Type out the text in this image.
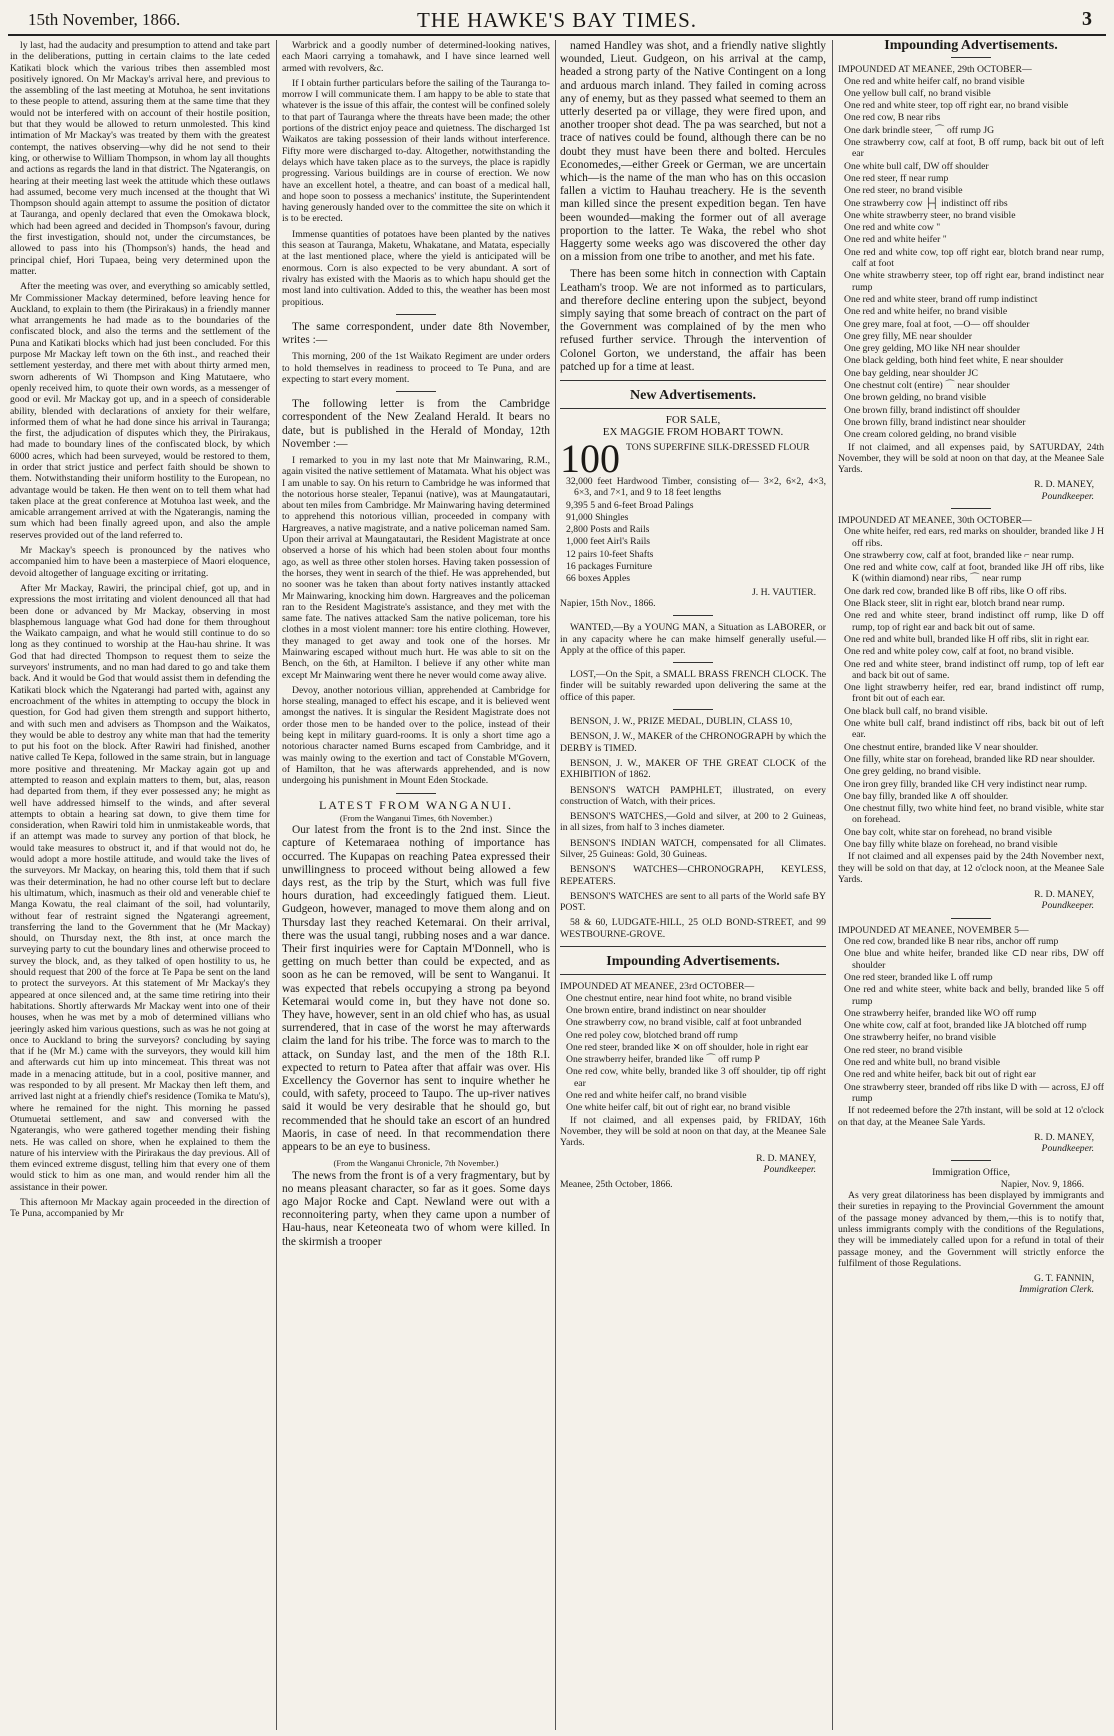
15th November, 1866.	THE HAWKE'S BAY TIMES.	3

ly last, had the audacity and presumption to attend and take part in the deliberations, putting in certain claims to the late ceded Katikati block which the various tribes then assembled most positively ignored. On Mr Mackay's arrival here, and previous to the assembling of the last meeting at Motuhoa, he sent invitations to these people to attend, assuring them at the same time that they would not be interfered with on account of their hostile position, but that they would be allowed to return unmolested. This kind intimation of Mr Mackay's was treated by them with the greatest contempt, the natives observing—why did he not send to their king, or otherwise to William Thompson, in whom lay all thoughts and actions as regards the land in that district. The Ngaterangis, on hearing at their meeting last week the attitude which these outlaws had assumed, become very much incensed at the thought that Wi Thompson should again attempt to assume the position of dictator at Tauranga, and openly declared that even the Omokawa block, which had been agreed and decided in Thompson's favour, during the first investigation, should not, under the circumstances, be allowed to pass into his (Thompson's) hands, the head and principal chief, Hori Tupaea, being very determined upon the matter.

After the meeting was over, and everything so amicably settled, Mr Commissioner Mackay determined, before leaving hence for Auckland, to explain to them (the Pirirakaus) in a friendly manner what arrangements he had made as to the boundaries of the confiscated block, and also the terms and the settlement of the Puna and Katikati blocks which had just been concluded. For this purpose Mr Mackay left town on the 6th inst., and reached their settlement yesterday, and there met with about thirty armed men, sworn adherents of Wi Thompson and King Matutaere, who openly received him, to quote their own words, as a messenger of good or evil. Mr Mackay got up, and in a speech of considerable ability, blended with declarations of anxiety for their welfare, informed them of what he had done since his arrival in Tauranga; the first, the adjudication of disputes which they, the Pirirakaus, had made to boundary lines of the confiscated block, by which 6000 acres, which had been surveyed, would be restored to them, in order that strict justice and perfect faith should be shown to them. Notwithstanding their uniform hostility to the European, no advantage would be taken. He then went on to tell them what had taken place at the great conference at Motuhoa last week, and the amicable arrangement arrived at with the Ngaterangis, naming the sum which had been finally agreed upon, and also the ample reserves provided out of the land referred to.

Mr Mackay's speech is pronounced by the natives who accompanied him to have been a masterpiece of Maori eloquence, devoid altogether of language exciting or irritating.

After Mr Mackay, Rawiri, the principal chief, got up, and in expressions the most irritating and violent denounced all that had been done or advanced by Mr Mackay, observing in most blasphemous language what God had done for them throughout the Waikato campaign, and what he would still continue to do so long as they continued to worship at the Hau-hau shrine. It was God that had directed Thompson to request them to seize the surveyors' instruments, and no man had dared to go and take them back. And it would be God that would assist them in defending the Katikati block which the Ngaterangi had parted with, against any encroachment of the whites in attempting to occupy the block in question, for God had given them strength and support hitherto, and with such men and advisers as Thompson and the Waikatos, they would be able to destroy any white man that had the temerity to put his foot on the block. After Rawiri had finished, another native called Te Kepa, followed in the same strain, but in language more positive and threatening. Mr Mackay again got up and attempted to reason and explain matters to them, but, alas, reason had departed from them, if they ever possessed any; he might as well have addressed himself to the winds, and after several attempts to obtain a hearing sat down, to give them time for consideration, when Rawiri told him in unmistakeable words, that if an attempt was made to survey any portion of that block, he would take measures to obstruct it, and if that would not do, he would adopt a more hostile attitude, and would take the lives of the surveyors. Mr Mackay, on hearing this, told them that if such was their determination, he had no other course left but to declare his ultimatum, which, inasmuch as their old and venerable chief te Manga Kowatu, the real claimant of the soil, had voluntarily, without fear of restraint signed the Ngaterangi agreement, transferring the land to the Government that he (Mr Mackay) should, on Thursday next, the 8th inst, at once march the surveying party to cut the boundary lines and otherwise proceed to survey the block, and, as they talked of open hostility to us, he should request that 200 of the force at Te Papa be sent on the land to protect the surveyors. At this statement of Mr Mackay's they appeared at once silenced and, at the same time retiring into their habitations. Shortly afterwards Mr Mackay went into one of their houses, when he was met by a mob of determined villians who jeeringly asked him various questions, such as was he not going at once to Auckland to bring the surveyors? concluding by saying that if he (Mr M.) came with the surveyors, they would kill him and afterwards cut him up into mincemeat. This threat was not made in a menacing attitude, but in a cool, positive manner, and was responded to by all present. Mr Mackay then left them, and arrived last night at a friendly chief's residence (Tomika te Matu's), where he remained for the night. This morning he passed Otumuetai settlement, and saw and conversed with the Ngaterangis, who were gathered together mending their fishing nets. He was called on shore, when he explained to them the nature of his interview with the Pirirakaus the day previous. All of them evinced extreme disgust, telling him that every one of them would stick to him as one man, and would render him all the assistance in their power.

This afternoon Mr Mackay again proceeded in the direction of Te Puna, accompanied by Mr

Warbrick and a goodly number of determined-looking natives, each Maori carrying a tomahawk, and I have since learned well armed with revolvers, &c.

If I obtain further particulars before the sailing of the Tauranga to-morrow I will communicate them. I am happy to be able to state that whatever is the issue of this affair, the contest will be confined solely to that part of Tauranga where the threats have been made; the other portions of the district enjoy peace and quietness. The discharged 1st Waikatos are taking possession of their lands without interference. Fifty more were discharged to-day. Altogether, notwithstanding the delays which have taken place as to the surveys, the place is rapidly progressing. Various buildings are in course of erection. We now have an excellent hotel, a theatre, and can boast of a medical hall, and hope soon to possess a mechanics' institute, the Superintendent having generously handed over to the committee the site on which it is to be erected.

Immense quantities of potatoes have been planted by the natives this season at Tauranga, Maketu, Whakatane, and Matata, especially at the last mentioned place, where the yield is anticipated will be enormous. Corn is also expected to be very abundant. A sort of rivalry has existed with the Maoris as to which hapu should get the most land into cultivation. Added to this, the weather has been most propitious.

The same correspondent, under date 8th November, writes :—

This morning, 200 of the 1st Waikato Regiment are under orders to hold themselves in readiness to proceed to Te Puna, and are expecting to start every moment.

The following letter is from the Cambridge correspondent of the New Zealand Herald. It bears no date, but is published in the Herald of Monday, 12th November :—

I remarked to you in my last note that Mr Mainwaring, R.M., again visited the native settlement of Matamata. What his object was I am unable to say. On his return to Cambridge he was informed that the notorious horse stealer, Tepanui (native), was at Maungatautari, about ten miles from Cambridge. Mr Mainwaring having determined to apprehend this notorious villian, proceeded in company with Hargreaves, a native magistrate, and a native policeman named Sam. Upon their arrival at Maungatautari, the Resident Magistrate at once observed a horse of his which had been stolen about four months ago, as well as three other stolen horses. Having taken possession of the horses, they went in search of the thief. He was apprehended, but no sooner was he taken than about forty natives instantly attacked Mr Mainwaring, knocking him down. Hargreaves and the policeman ran to the Resident Magistrate's assistance, and they met with the same fate. The natives attacked Sam the native policeman, tore his clothes in a most violent manner: tore his entire clothing. However, they managed to get away and took one of the horses. Mr Mainwaring escaped without much hurt. He was able to sit on the Bench, on the 6th, at Hamilton. I believe if any other white man except Mr Mainwaring went there he never would come away alive.

Devoy, another notorious villian, apprehended at Cambridge for horse stealing, managed to effect his escape, and it is believed went amongst the natives. It is singular the Resident Magistrate does not order those men to be handed over to the police, instead of their being kept in military guard-rooms. It is only a short time ago a notorious character named Burns escaped from Cambridge, and it was mainly owing to the exertion and tact of Constable M'Govern, of Hamilton, that he was afterwards apprehended, and is now undergoing his punishment in Mount Eden Stockade.

LATEST FROM WANGANUI.
(From the Wanganui Times, 6th November.)

Our latest from the front is to the 2nd inst. Since the capture of Ketemaraea nothing of importance has occurred. The Kupapas on reaching Patea expressed their unwillingness to proceed without being allowed a few days rest, as the trip by the Sturt, which was full five hours duration, had exceedingly fatigued them. Lieut. Gudgeon, however, managed to move them along and on Thursday last they reached Ketemarai. On their arrival, there was the usual tangi, rubbing noses and a war dance. Their first inquiries were for Captain M'Donnell, who is getting on much better than could be expected, and as soon as he can be removed, will be sent to Wanganui. It was expected that rebels occupying a strong pa beyond Ketemarai would come in, but they have not done so. They have, however, sent in an old chief who has, as usual surrendered, that in case of the worst he may afterwards claim the land for his tribe. The force was to march to the attack, on Sunday last, and the men of the 18th R.I. expected to return to Patea after that affair was over. His Excellency the Governor has sent to inquire whether he could, with safety, proceed to Taupo. The up-river natives said it would be very desirable that he should go, but recommended that he should take an escort of an hundred Maoris, in case of need. In that recommendation there appears to be an eye to business.

(From the Wanganui Chronicle, 7th November.)

The news from the front is of a very fragmentary, but by no means pleasant character, so far as it goes. Some days ago Major Rocke and Capt. Newland were out with a reconnoitering party, when they came upon a number of Hau-haus, near Keteoneata two of whom were killed. In the skirmish a trooper

named Handley was shot, and a friendly native slightly wounded, Lieut. Gudgeon, on his arrival at the camp, headed a strong party of the Native Contingent on a long and arduous march inland. They failed in coming across any of enemy, but as they passed what seemed to them an utterly deserted pa or village, they were fired upon, and another trooper shot dead. The pa was searched, but not a trace of natives could be found, although there can be no doubt they must have been there and bolted. Hercules Economedes,—either Greek or German, we are uncertain which—is the name of the man who has on this occasion fallen a victim to Hauhau treachery. He is the seventh man killed since the present expedition began. Ten have been wounded—making the former out of all average proportion to the latter. Te Waka, the rebel who shot Haggerty some weeks ago was discovered the other day on a mission from one tribe to another, and met his fate.

There has been some hitch in connection with Captain Leatham's troop. We are not informed as to particulars, and therefore decline entering upon the subject, beyond simply saying that some breach of contract on the part of the Government was complained of by the men who refused further service. Through the intervention of Colonel Gorton, we understand, the affair has been patched up for a time at least.

New Advertisements.
FOR SALE,
EX MAGGIE FROM HOBART TOWN.
100 TONS SUPERFINE SILK-DRESSED FLOUR
32,000 feet Hardwood Timber, consisting of— 3×2, 6×2, 4×3, 6×3, and 7×1, and 9 to 18 feet lengths
9,395 5 and 6-feet Broad Palings
91,000 Shingles
2,800 Posts and Rails
1,000 feet Airl's Rails
12 pairs 10-feet Shafts
16 packages Furniture
66 boxes Apples
J. H. VAUTIER.
Napier, 15th Nov., 1866.

WANTED,—By a YOUNG MAN, a Situation as LABORER, or in any capacity where he can make himself generally useful.—Apply at the office of this paper.

LOST,—On the Spit, a SMALL BRASS FRENCH CLOCK. The finder will be suitably rewarded upon delivering the same at the office of this paper.

BENSON, J. W., PRIZE MEDAL, DUBLIN, CLASS 10,

BENSON, J. W., MAKER of the CHRONOGRAPH by which the DERBY is TIMED.

BENSON, J. W., MAKER OF THE GREAT CLOCK of the EXHIBITION of 1862.

BENSON'S WATCH PAMPHLET, illustrated, on every construction of Watch, with their prices.

BENSON'S WATCHES,—Gold and silver, at 200 to 2 Guineas, in all sizes, from half to 3 inches diameter.

BENSON'S INDIAN WATCH, compensated for all Climates. Silver, 25 Guineas: Gold, 30 Guineas.

BENSON'S WATCHES—CHRONOGRAPH, KEYLESS, REPEATERS.

BENSON'S WATCHES are sent to all parts of the World safe BY POST.

58 & 60, LUDGATE-HILL, 25 OLD BOND-STREET, and 99 WESTBOURNE-GROVE.

Impounding Advertisements.
IMPOUNDED AT MEANEE, 23rd OCTOBER—
One chestnut entire, near hind foot white, no brand visible
One brown entire, brand indistinct on near shoulder
One strawberry cow, no brand visible, calf at foot unbranded
One red poley cow, blotched brand off rump
One red steer, branded like ✕ on off shoulder, hole in right ear
One strawberry heifer, branded like ⌒ off rump P
One red cow, white belly, branded like 3 off shoulder, tip off right ear
One red and white heifer calf, no brand visible
One white heifer calf, bit out of right ear, no brand visible

If not claimed, and all expenses paid, by FRIDAY, 16th November, they will be sold at noon on that day, at the Meanee Sale Yards.

R. D. MANEY,
Poundkeeper.
Meanee, 25th October, 1866.
Impounding Advertisements.
IMPOUNDED AT MEANEE, 29th OCTOBER—
One red and white heifer calf, no brand visible
One yellow bull calf, no brand visible
One red and white steer, top off right ear, no brand visible
One red cow, B near ribs
One dark brindle steer, ⌒ off rump JG
One strawberry cow, calf at foot, B off rump, back bit out of left ear
One white bull calf, DW off shoulder
One red steer, ff near rump
One red steer, no brand visible
One strawberry cow ├┤ indistinct off ribs
One white strawberry steer, no brand visible
One red and white cow "
One red and white heifer "
One red and white cow, top off right ear, blotch brand near rump, calf at foot
One white strawberry steer, top off right ear, brand indistinct near rump
One red and white steer, brand off rump indistinct
One red and white heifer, no brand visible
One grey mare, foal at foot, —O— off shoulder
One grey filly, ME near shoulder
One grey gelding, MO like NH near shoulder
One black gelding, both hind feet white, E near shoulder
One bay gelding, near shoulder JC
One chestnut colt (entire) ⌒ near shoulder
One brown gelding, no brand visible
One brown filly, brand indistinct off shoulder
One brown filly, brand indistinct near shoulder
One cream colored gelding, no brand visible

If not claimed, and all expenses paid, by SATURDAY, 24th November, they will be sold at noon on that day, at the Meanee Sale Yards.

R. D. MANEY,
Poundkeeper.
IMPOUNDED AT MEANEE, 30th OCTOBER—
One white heifer, red ears, red marks on shoulder, branded like J H off ribs.
One strawberry cow, calf at foot, branded like ⌐ near rump.
One red and white cow, calf at foot, branded like JH off ribs, like K (within diamond) near ribs, ⌒ near rump
One dark red cow, branded like B off ribs, like O off ribs.
One Black steer, slit in right ear, blotch brand near rump.
One red and white steer, brand indistinct off rump, like D off rump, top of right ear and back bit out of same.
One red and white bull, branded like H off ribs, slit in right ear.
One red and white poley cow, calf at foot, no brand visible.
One red and white steer, brand indistinct off rump, top of left ear and back bit out of same.
One light strawberry heifer, red ear, brand indistinct off rump, front bit out of each ear.
One black bull calf, no brand visible.
One white bull calf, brand indistinct off ribs, back bit out of left ear.
One chestnut entire, branded like V near shoulder.
One filly, white star on forehead, branded like RD near shoulder.
One grey gelding, no brand visible.
One iron grey filly, branded like CH very indistinct near rump.
One bay filly, branded like ∧ off shoulder.
One chestnut filly, two white hind feet, no brand visible, white star on forehead.
One bay colt, white star on forehead, no brand visible
One bay filly white blaze on forehead, no brand visible

If not claimed and all expenses paid by the 24th November next, they will be sold on that day, at 12 o'clock noon, at the Meanee Sale Yards.

R. D. MANEY,
Poundkeeper.
IMPOUNDED AT MEANEE, NOVEMBER 5—
One red cow, branded like B near ribs, anchor off rump
One blue and white heifer, branded like ⊂D near ribs, DW off shoulder
One red steer, branded like L off rump
One red and white steer, white back and belly, branded like 5 off rump
One strawberry heifer, branded like WO off rump
One white cow, calf at foot, branded like JA blotched off rump
One strawberry heifer, no brand visible
One red steer, no brand visible
One red and white bull, no brand visible
One red and white heifer, back bit out of right ear
One strawberry steer, branded off ribs like D with — across, EJ off rump

If not redeemed before the 27th instant, will be sold at 12 o'clock on that day, at the Meanee Sale Yards.

R. D. MANEY,
Poundkeeper.
Immigration Office,
Napier, Nov. 9, 1866.

As very great dilatoriness has been displayed by immigrants and their sureties in repaying to the Provincial Government the amount of the passage money advanced by them,—this is to notify that, unless immigrants comply with the conditions of the Regulations, they will be immediately called upon for a refund in total of their passage money, and the Government will strictly enforce the fulfilment of those Regulations.

G. T. FANNIN,
Immigration Clerk.
